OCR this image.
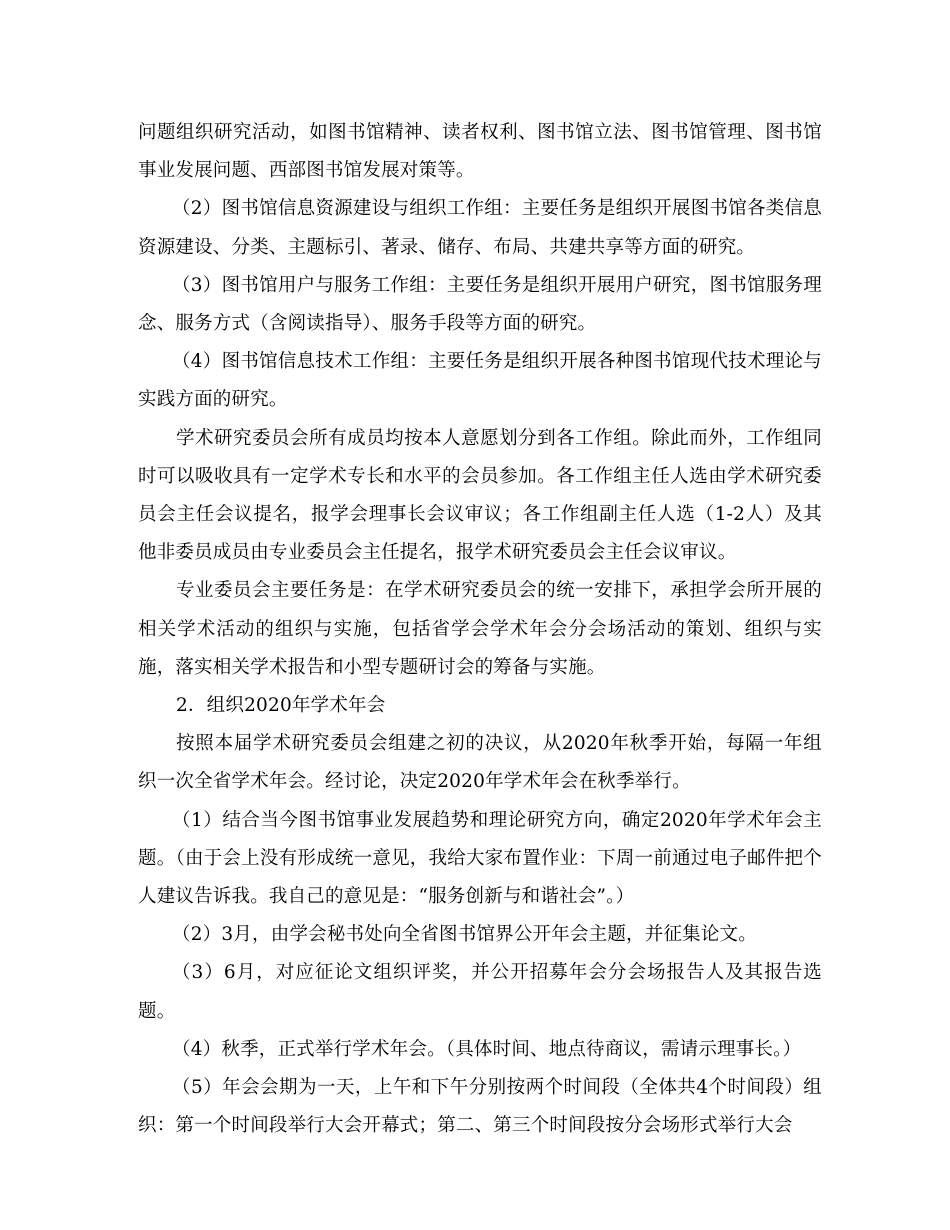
问题组织研究活动，如图书馆精神、读者权利、图书馆立法、图书馆管理、图书馆事业发展问题、西部图书馆发展对策等。

（2）图书馆信息资源建设与组织工作组：主要任务是组织开展图书馆各类信息资源建设、分类、主题标引、著录、储存、布局、共建共享等方面的研究。

（3）图书馆用户与服务工作组：主要任务是组织开展用户研究，图书馆服务理念、服务方式（含阅读指导）、服务手段等方面的研究。

（4）图书馆信息技术工作组：主要任务是组织开展各种图书馆现代技术理论与实践方面的研究。

学术研究委员会所有成员均按本人意愿划分到各工作组。除此而外，工作组同时可以吸收具有一定学术专长和水平的会员参加。各工作组主任人选由学术研究委员会主任会议提名，报学会理事长会议审议；各工作组副主任人选（1-2人）及其他非委员成员由专业委员会主任提名，报学术研究委员会主任会议审议。

专业委员会主要任务是：在学术研究委员会的统一安排下，承担学会所开展的相关学术活动的组织与实施，包括省学会学术年会分会场活动的策划、组织与实施，落实相关学术报告和小型专题研讨会的筹备与实施。

2．组织2020年学术年会

按照本届学术研究委员会组建之初的决议，从2020年秋季开始，每隔一年组织一次全省学术年会。经讨论，决定2020年学术年会在秋季举行。

（1）结合当今图书馆事业发展趋势和理论研究方向，确定2020年学术年会主题。（由于会上没有形成统一意见，我给大家布置作业：下周一前通过电子邮件把个人建议告诉我。我自己的意见是：“服务创新与和谐社会”。）

（2）3月，由学会秘书处向全省图书馆界公开年会主题，并征集论文。

（3）6月，对应征论文组织评奖，并公开招募年会分会场报告人及其报告选题。

（4）秋季，正式举行学术年会。（具体时间、地点待商议，需请示理事长。）

（5）年会会期为一天，上午和下午分别按两个时间段（全体共4个时间段）组织：第一个时间段举行大会开幕式；第二、第三个时间段按分会场形式举行大会
